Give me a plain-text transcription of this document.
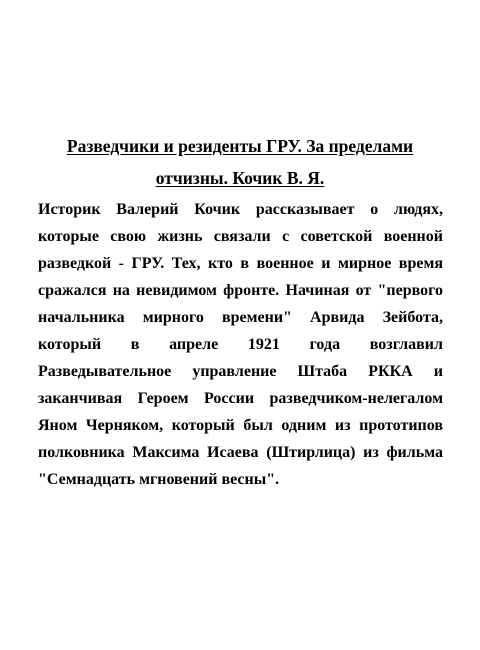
Разведчики и резиденты ГРУ. За пределами отчизны. Кочик В. Я.

Историк Валерий Кочик рассказывает о людях, которые свою жизнь связали с советской военной разведкой - ГРУ. Тех, кто в военное и мирное время сражался на невидимом фронте. Начиная от "первого начальника мирного времени" Арвида Зейбота, который в апреле 1921 года возглавил Разведывательное управление Штаба РККА и заканчивая Героем России разведчиком-нелегалом Яном Черняком, который был одним из прототипов полковника Максима Исаева (Штирлица) из фильма "Семнадцать мгновений весны".
